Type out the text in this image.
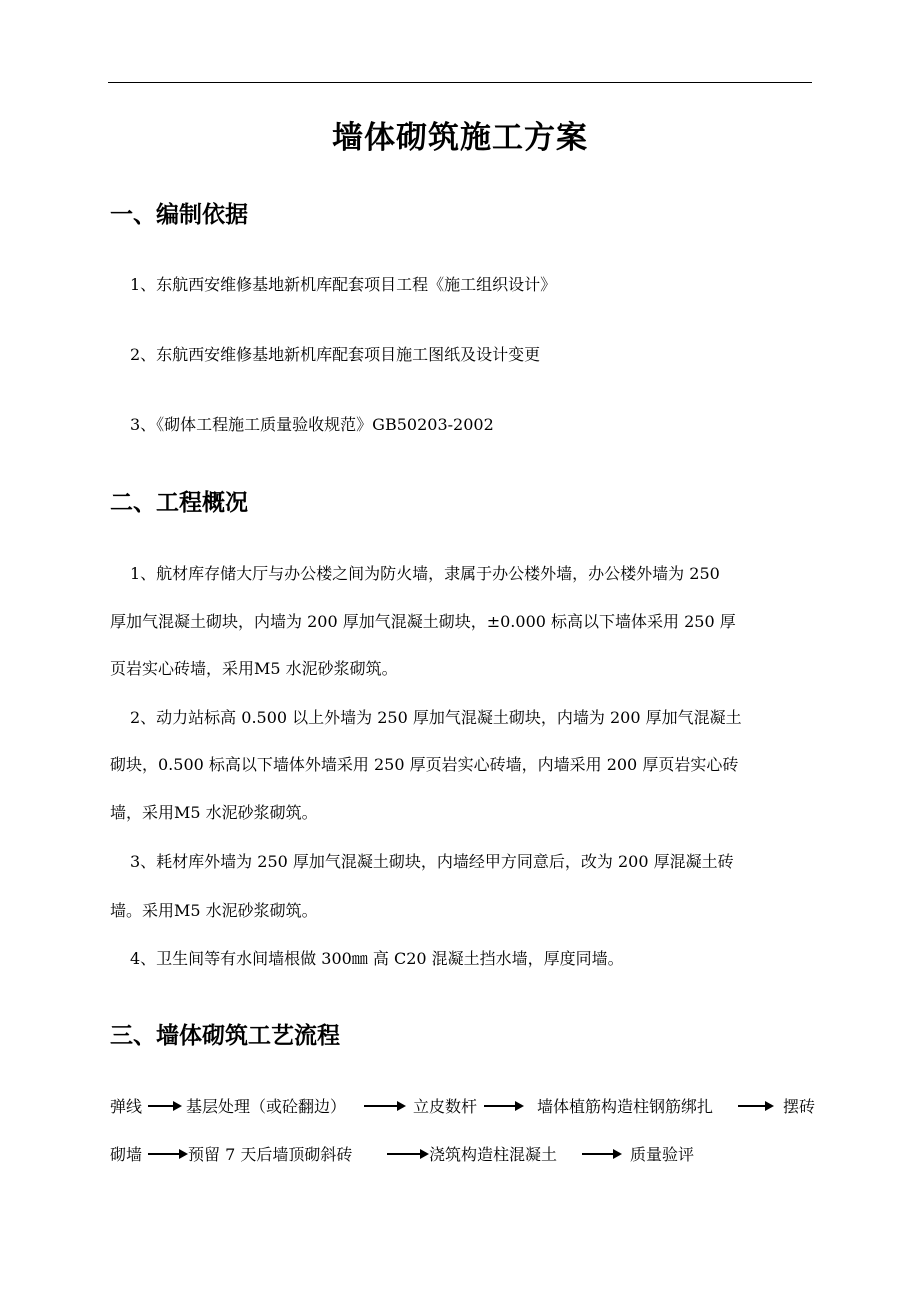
墙体砌筑施工方案
一、编制依据
1、东航西安维修基地新机库配套项目工程《施工组织设计》
2、东航西安维修基地新机库配套项目施工图纸及设计变更
3、《砌体工程施工质量验收规范》GB50203-2002
二、工程概况
1、航材库存储大厅与办公楼之间为防火墙，隶属于办公楼外墙，办公楼外墙为 250
厚加气混凝土砌块，内墙为 200 厚加气混凝土砌块，±0.000 标高以下墙体采用 250 厚
页岩实心砖墙，采用M5 水泥砂浆砌筑。
2、动力站标高 0.500 以上外墙为 250 厚加气混凝土砌块，内墙为 200 厚加气混凝土
砌块，0.500 标高以下墙体外墙采用 250 厚页岩实心砖墙，内墙采用 200 厚页岩实心砖
墙，采用M5 水泥砂浆砌筑。
3、耗材库外墙为 250 厚加气混凝土砌块，内墙经甲方同意后，改为 200 厚混凝土砖
墙。采用M5 水泥砂浆砌筑。
4、卫生间等有水间墙根做 300㎜ 高 C20 混凝土挡水墙，厚度同墙。
三、墙体砌筑工艺流程
弹线	基层处理（或砼翻边）	立皮数杆	墙体植筋构造柱钢筋绑扎	摆砖
砌墙	预留 7 天后墙顶砌斜砖	浇筑构造柱混凝土	质量验评
